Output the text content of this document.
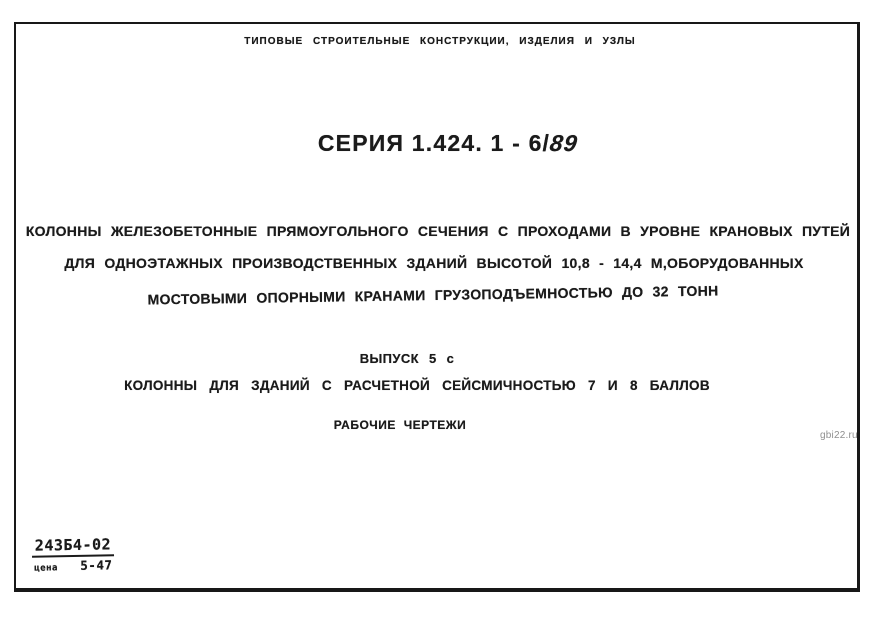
ТИПОВЫЕ СТРОИТЕЛЬНЫЕ КОНСТРУКЦИИ, ИЗДЕЛИЯ И УЗЛЫ
СЕРИЯ 1.424. 1 - 6/89
КОЛОННЫ ЖЕЛЕЗОБЕТОННЫЕ ПРЯМОУГОЛЬНОГО СЕЧЕНИЯ С ПРОХОДАМИ В УРОВНЕ КРАНОВЫХ ПУТЕЙ
ДЛЯ ОДНОЭТАЖНЫХ ПРОИЗВОДСТВЕННЫХ ЗДАНИЙ ВЫСОТОЙ 10,8 - 14,4 М,ОБОРУДОВАННЫХ
МОСТОВЫМИ ОПОРНЫМИ КРАНАМИ ГРУЗОПОДЪЕМНОСТЬЮ ДО 32 ТОНН
ВЫПУСК 5 с
КОЛОННЫ ДЛЯ ЗДАНИЙ С РАСЧЕТНОЙ СЕЙСМИЧНОСТЬЮ 7 И 8 БАЛЛОВ
РАБОЧИЕ ЧЕРТЕЖИ
243Б4-02
цена 5-47
gbi22.ru
